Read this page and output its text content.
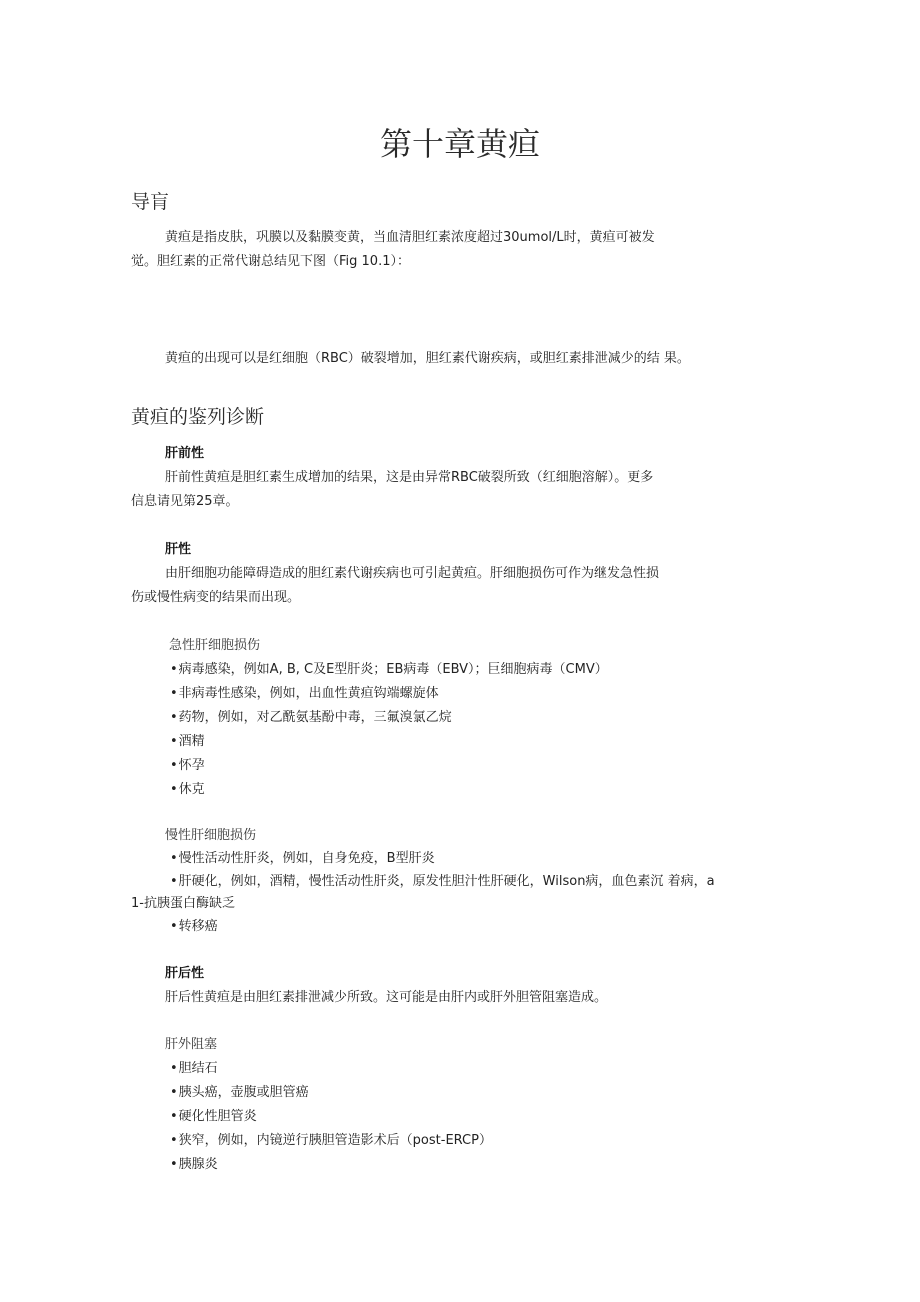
第十章黄疸
导肓
黄疸是指皮肤，巩膜以及黏膜变黄，当血清胆红素浓度超过30umol/L时，黄疸可被发
觉。胆红素的正常代谢总结见下图（Fig 10.1）：
黄疸的出现可以是红细胞（RBC）破裂增加，胆红素代谢疾病，或胆红素排泄减少的结 果。
黄疸的鉴列诊断
肝前性
肝前性黄疸是胆红素生成增加的结果，这是由异常RBC破裂所致（红细胞溶解）。更多
信息请见第25章。
肝性
由肝细胞功能障碍造成的胆红素代谢疾病也可引起黄疸。肝细胞损伤可作为继发急性损
伤或慢性病变的结果而出现。
急性肝细胞损伤
•病毒感染，例如A, B, C及E型肝炎；EB病毒（EBV）；巨细胞病毒（CMV）
•非病毒性感染，例如，出血性黄疸钩端螺旋体
•药物，例如，对乙酰氨基酚中毒，三氟溴氯乙烷
•酒精
•怀孕
•休克
慢性肝细胞损伤
•慢性活动性肝炎，例如，自身免疫，B型肝炎
•肝硬化，例如，酒精，慢性活动性肝炎，原发性胆汁性肝硬化，Wilson病，血色素沉 着病，a
1-抗胰蛋白酶缺乏
•转移癌
肝后性
肝后性黄疸是由胆红素排泄减少所致。这可能是由肝内或肝外胆管阻塞造成。
肝外阻塞
•胆结石
•胰头癌，壶腹或胆管癌
•硬化性胆管炎
•狭窄，例如，内镜逆行胰胆管造影术后（post-ERCP）
•胰腺炎
